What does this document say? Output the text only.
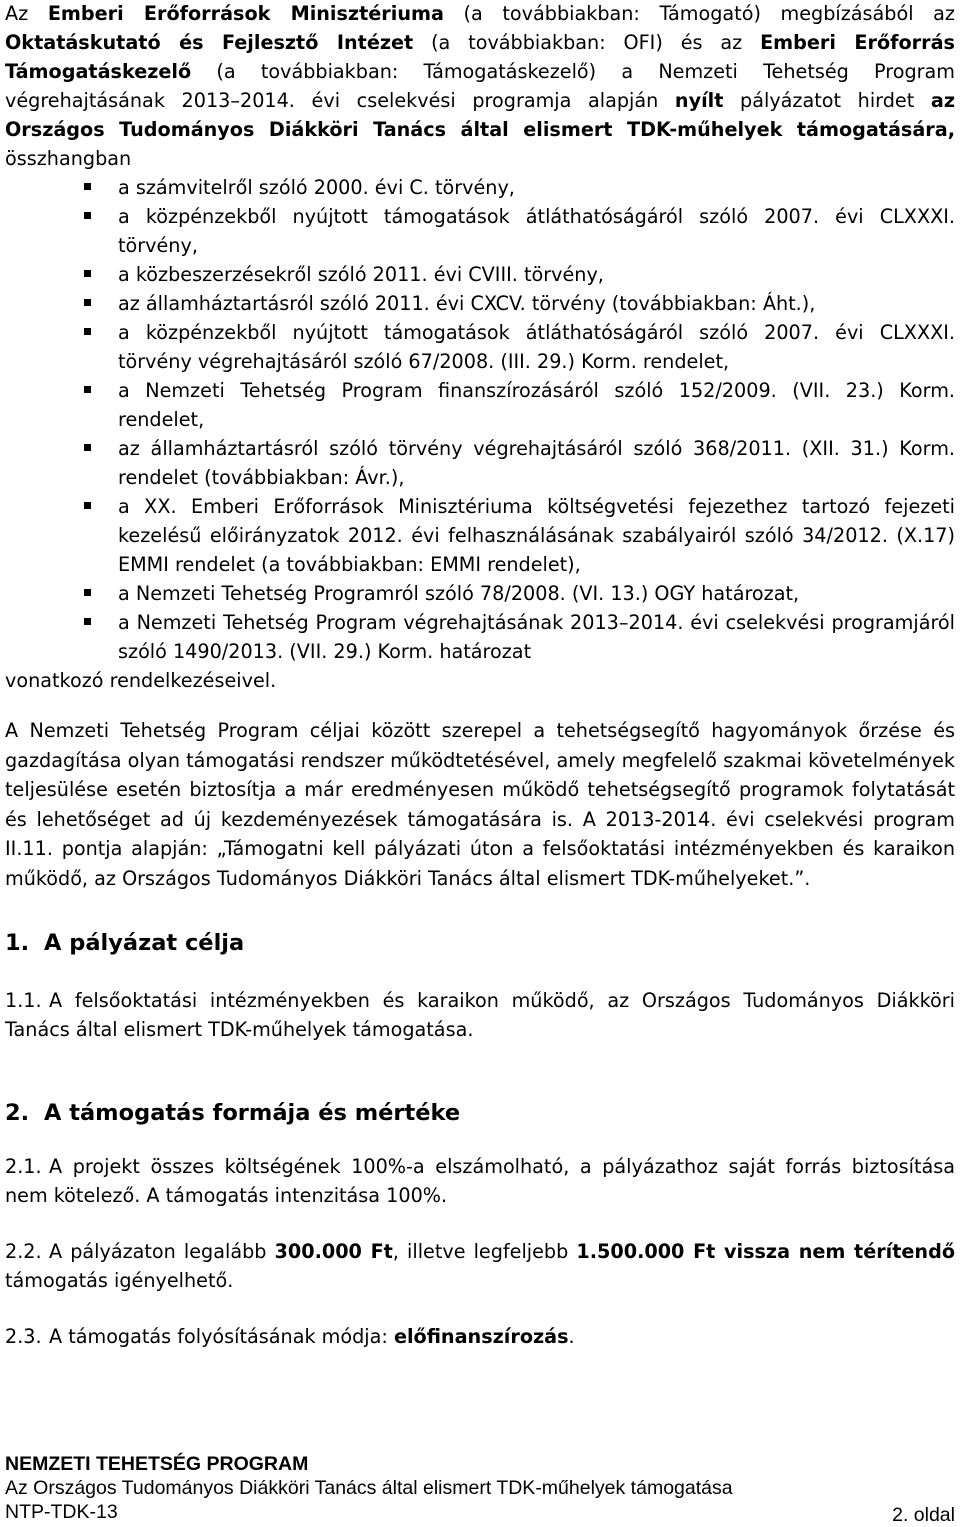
Az Emberi Erőforrások Minisztériuma (a továbbiakban: Támogató) megbízásából az Oktatáskutató és Fejlesztő Intézet (a továbbiakban: OFI) és az Emberi Erőforrás Támogatáskezelő (a továbbiakban: Támogatáskezelő) a Nemzeti Tehetség Program végrehajtásának 2013–2014. évi cselekvési programja alapján nyílt pályázatot hirdet az Országos Tudományos Diákköri Tanács által elismert TDK-műhelyek támogatására, összhangban

a számvitelről szóló 2000. évi C. törvény,
a közpénzekből nyújtott támogatások átláthatóságáról szóló 2007. évi CLXXXI. törvény,
a közbeszerzésekről szóló 2011. évi CVIII. törvény,
az államháztartásról szóló 2011. évi CXCV. törvény (továbbiakban: Áht.),
a közpénzekből nyújtott támogatások átláthatóságáról szóló 2007. évi CLXXXI. törvény végrehajtásáról szóló 67/2008. (III. 29.) Korm. rendelet,
a Nemzeti Tehetség Program finanszírozásáról szóló 152/2009. (VII. 23.) Korm. rendelet,
az államháztartásról szóló törvény végrehajtásáról szóló 368/2011. (XII. 31.) Korm. rendelet (továbbiakban: Ávr.),
a XX. Emberi Erőforrások Minisztériuma költségvetési fejezethez tartozó fejezeti kezelésű előirányzatok 2012. évi felhasználásának szabályairól szóló 34/2012. (X.17) EMMI rendelet (a továbbiakban: EMMI rendelet),
a Nemzeti Tehetség Programról szóló 78/2008. (VI. 13.) OGY határozat,
a Nemzeti Tehetség Program végrehajtásának 2013–2014. évi cselekvési programjáról szóló 1490/2013. (VII. 29.) Korm. határozat

vonatkozó rendelkezéseivel.

A Nemzeti Tehetség Program céljai között szerepel a tehetségsegítő hagyományok őrzése és gazdagítása olyan támogatási rendszer működtetésével, amely megfelelő szakmai követelmények teljesülése esetén biztosítja a már eredményesen működő tehetségsegítő programok folytatását és lehetőséget ad új kezdeményezések támogatására is. A 2013-2014. évi cselekvési program II.11. pontja alapján: „Támogatni kell pályázati úton a felsőoktatási intézményekben és karaikon működő, az Országos Tudományos Diákköri Tanács által elismert TDK-műhelyeket.”.

1. A pályázat célja

1.1. A felsőoktatási intézményekben és karaikon működő, az Országos Tudományos Diákköri Tanács által elismert TDK-műhelyek támogatása.

2. A támogatás formája és mértéke

2.1. A projekt összes költségének 100%-a elszámolható, a pályázathoz saját forrás biztosítása nem kötelező. A támogatás intenzitása 100%.

2.2. A pályázaton legalább 300.000 Ft, illetve legfeljebb 1.500.000 Ft vissza nem térítendő támogatás igényelhető.

2.3. A támogatás folyósításának módja: előfinanszírozás.

NEMZETI TEHETSÉG PROGRAM
Az Országos Tudományos Diákköri Tanács által elismert TDK-műhelyek támogatása
NTP-TDK-13	2. oldal
